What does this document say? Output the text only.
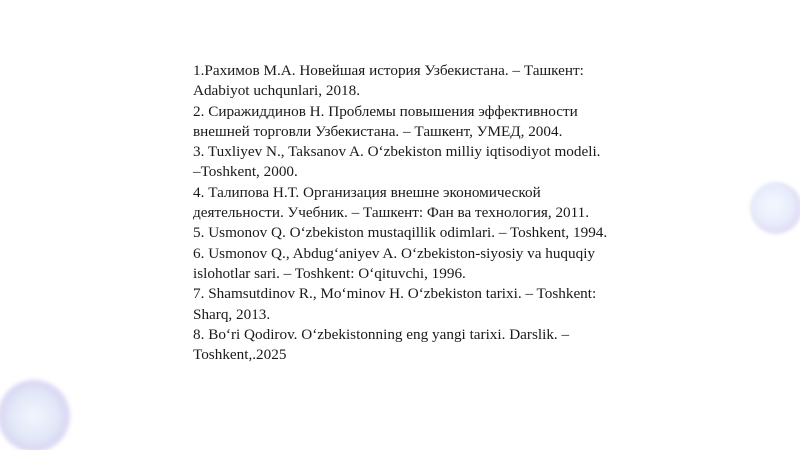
1.Рахимов М.А. Новейшая история Узбекистана. – Ташкент:
Adabiyot uchqunlari, 2018.
2. Сиражиддинов Н. Проблемы повышения эффективности
внешней торговли Узбекистана. – Ташкент, УМЕД, 2004.
3. Tuxliyev N., Taksanov A. O‘zbekiston milliy iqtisodiyot modeli.
–Toshkent, 2000.
4. Талипова Н.Т. Организация внешне экономической
деятельности. Учебник. – Ташкент: Фан ва технология, 2011.
5. Usmonov Q. O‘zbekiston mustaqillik odimlari. – Toshkent, 1994.
6. Usmonov Q., Abdug‘aniyev A. O‘zbekiston-siyosiy va huquqiy
islohotlar sari. – Toshkent: O‘qituvchi, 1996.
7. Shamsutdinov R., Mo‘minov H. O‘zbekiston tarixi. – Toshkent:
Sharq, 2013.
8. Bo‘ri Qodirov. O‘zbekistonning eng yangi tarixi. Darslik. –
Toshkent,.2025
